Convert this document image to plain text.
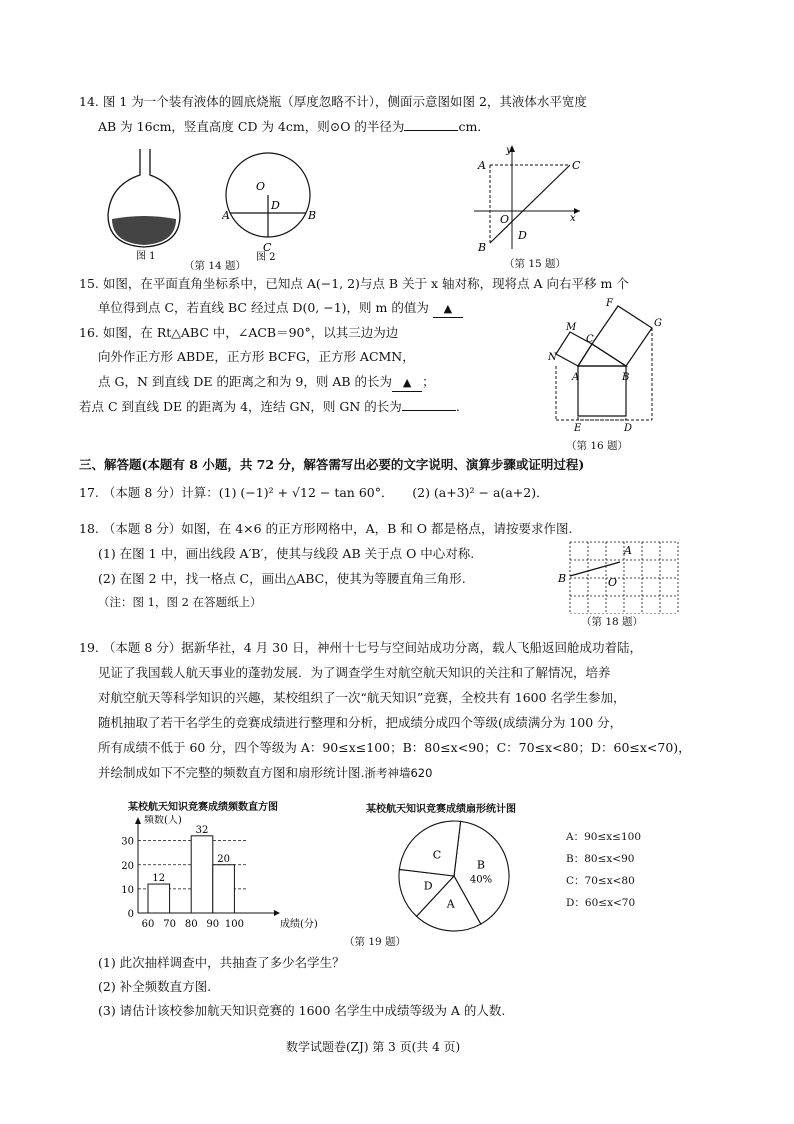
14. 图 1 为一个装有液体的圆底烧瓶（厚度忽略不计），侧面示意图如图 2，其液体水平宽度
AB 为 16cm，竖直高度 CD 为 4cm，则⊙O 的半径为	cm.
图 1
O
D
A	B
C
图 2
（第 14 题）
y
x
O
A
B
C
D
（第 15 题）
15. 如图，在平面直角坐标系中，已知点 A(−1, 2)与点 B 关于 x 轴对称，现将点 A 向右平移 m 个
单位得到点 C，若直线 BC 经过点 D(0, −1)，则 m 的值为 ▲
16. 如图，在 Rt△ABC 中，∠ACB＝90°，以其三边为边
向外作正方形 ABDE，正方形 BCFG，正方形 ACMN，
点 G，N 到直线 DE 的距离之和为 9，则 AB 的长为 ▲ ；
若点 C 到直线 DE 的距离为 4，连结 GN，则 GN 的长为	.
M
C
F
G
N
A	B
E	D
（第 16 题）
三、解答题(本题有 8 小题，共 72 分，解答需写出必要的文字说明、演算步骤或证明过程)
17. （本题 8 分）计算：(1) (−1)² + √12 − tan 60°．　　(2) (a+3)² − a(a+2)．
18. （本题 8 分）如图，在 4×6 的正方形网格中，A，B 和 O 都是格点，请按要求作图.
(1) 在图 1 中，画出线段 A′B′，使其与线段 AB 关于点 O 中心对称.
(2) 在图 2 中，找一格点 C，画出△ABC，使其为等腰直角三角形.
（注：图 1，图 2 在答题纸上）
A
B	O
（第 18 题）
19. （本题 8 分）据新华社，4 月 30 日，神州十七号与空间站成功分离，载人飞船返回舱成功着陆，
见证了我国载人航天事业的蓬勃发展．为了调查学生对航空航天知识的关注和了解情况，培养
对航空航天等科学知识的兴趣，某校组织了一次“航天知识”竞赛，全校共有 1600 名学生参加，
随机抽取了若干名学生的竞赛成绩进行整理和分析，把成绩分成四个等级(成绩满分为 100 分，
所有成绩不低于 60 分，四个等级为 A：90≤x≤100；B：80≤x<90；C：70≤x<80；D：60≤x<70)，
并绘制成如下不完整的频数直方图和扇形统计图.浙考神墙620
某校航天知识竞赛成绩频数直方图
0
10
20
30
60 70 80 90 100
频数(人)
成绩(分)
12
32
20
某校航天知识竞赛成绩扇形统计图
B
40%
A
D
C
A：90≤x≤100
B：80≤x<90
C：70≤x<80
D：60≤x<70
（第 19 题）
(1) 此次抽样调查中，共抽查了多少名学生？
(2) 补全频数直方图.
(3) 请估计该校参加航天知识竞赛的 1600 名学生中成绩等级为 A 的人数.
数学试题卷(ZJ) 第 3 页(共 4 页)
